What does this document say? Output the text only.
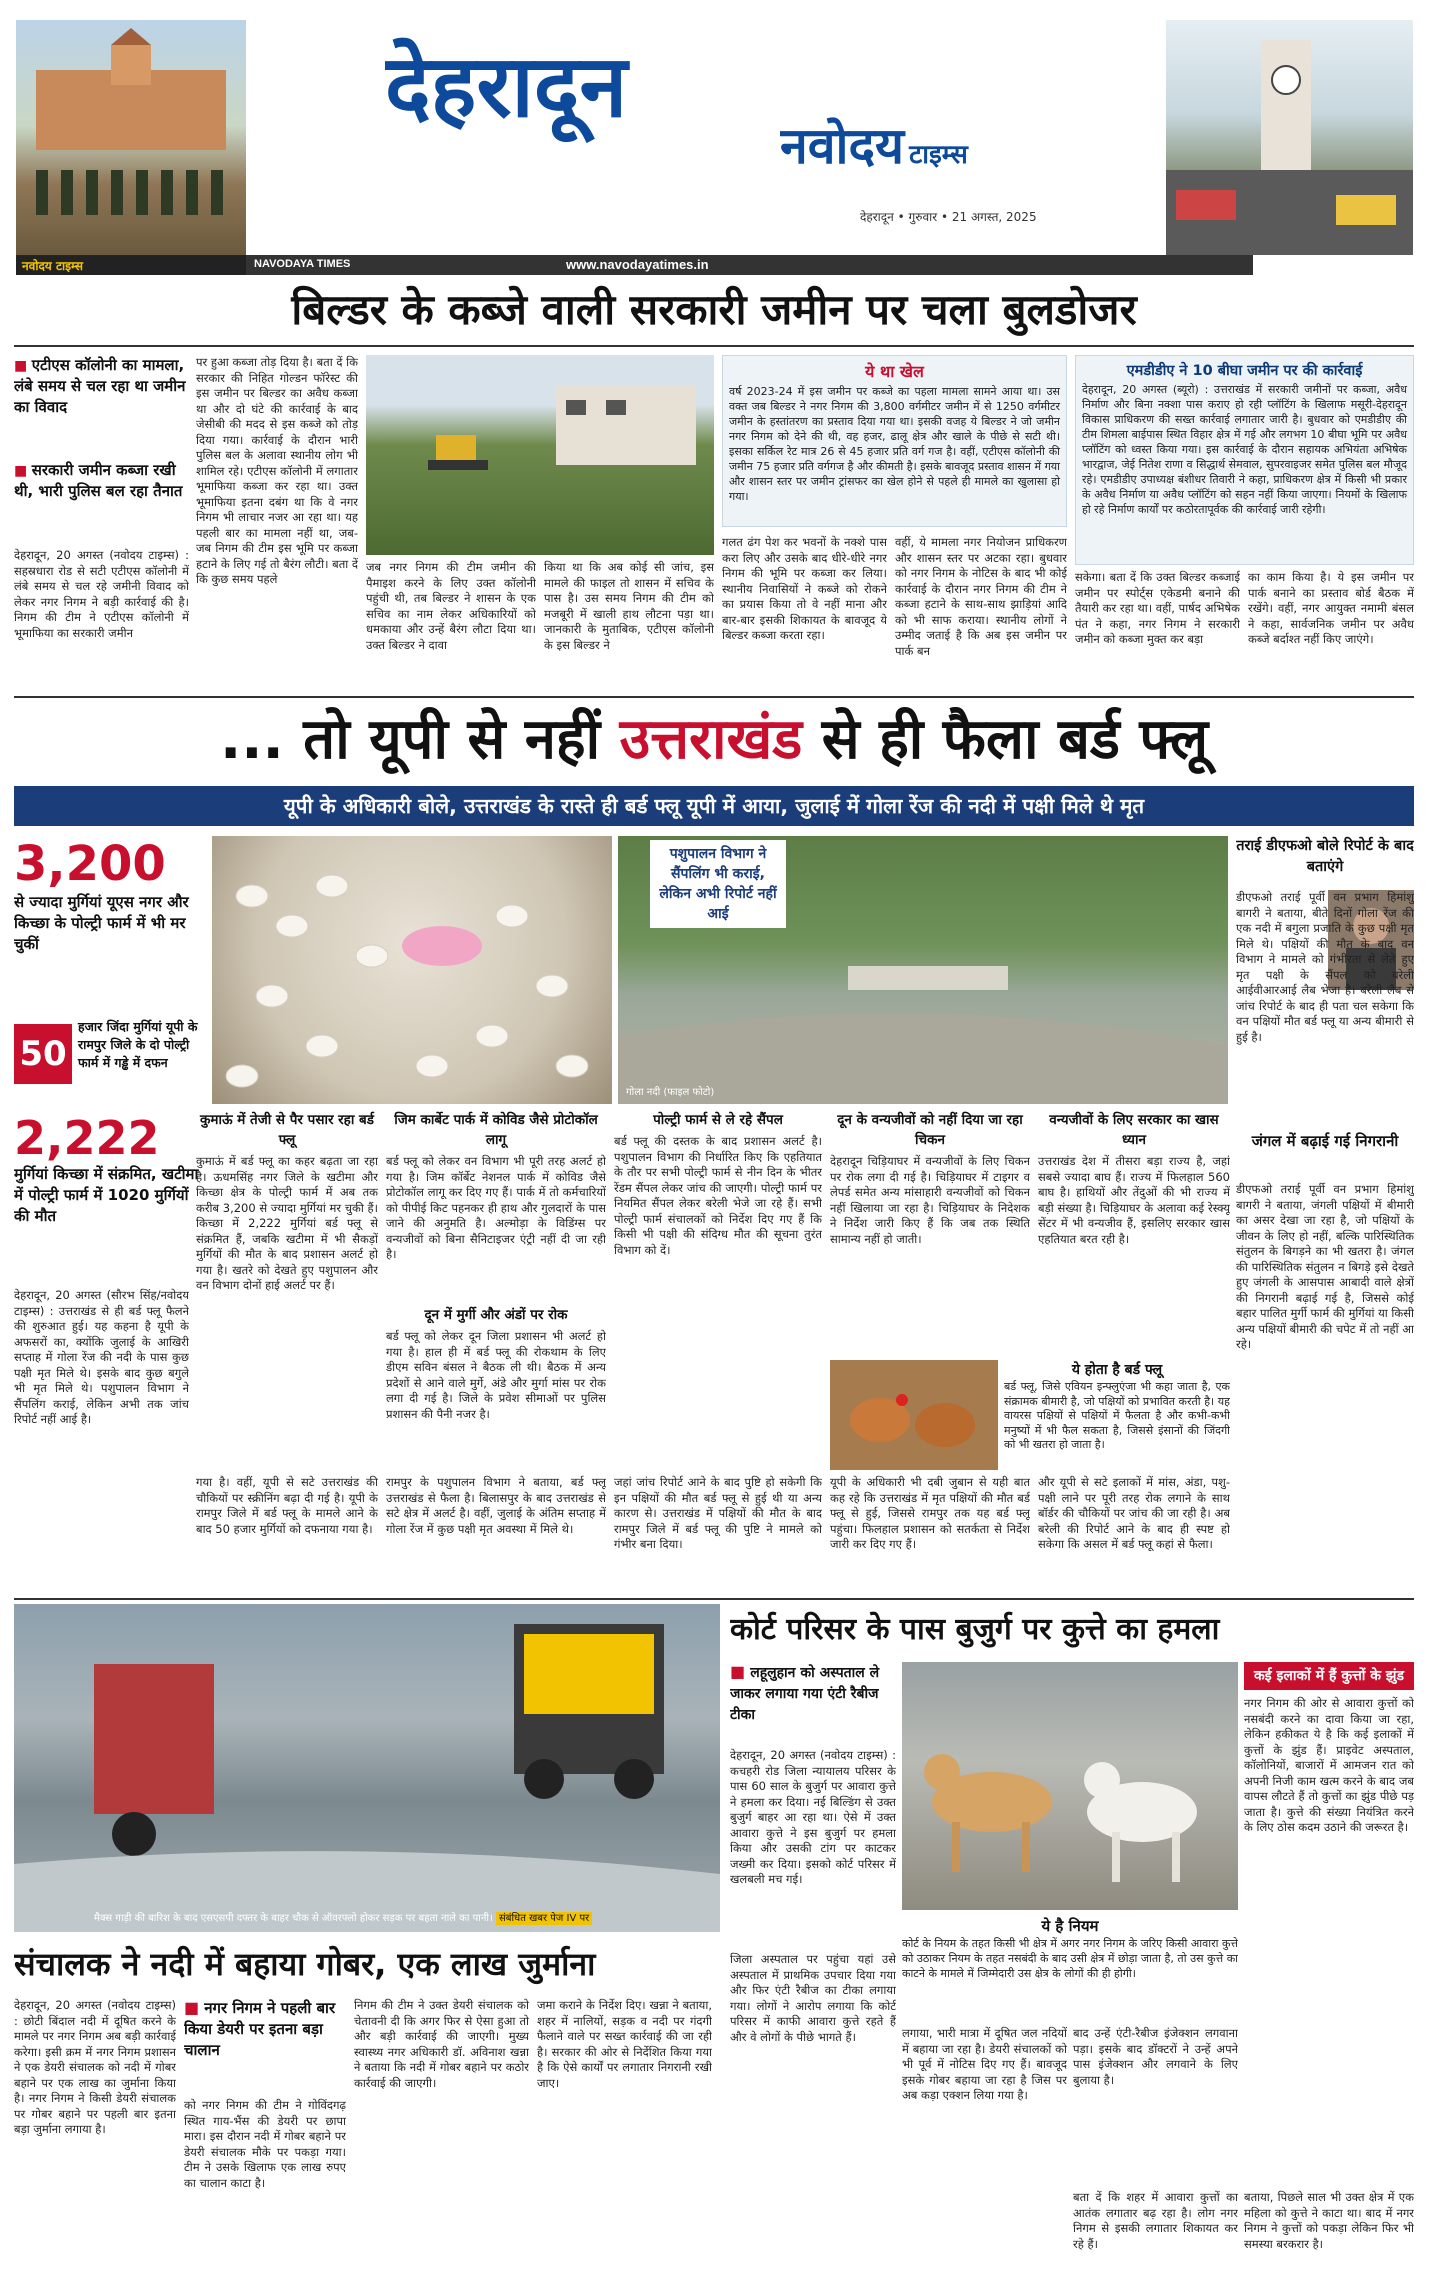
नवोदय टाइम्स	NAVODAYA TIMES	www.navodayatimes.in
देहरादून
नवोदय टाइम्स
देहरादून • गुरुवार • 21 अगस्त, 2025
बिल्डर के कब्जे वाली सरकारी जमीन पर चला बुलडोजर
■ एटीएस कॉलोनी का मामला, लंबे समय से चल रहा था जमीन का विवाद
■ सरकारी जमीन कब्जा रखी थी, भारी पुलिस बल रहा तैनात
देहरादून, 20 अगस्त (नवोदय टाइम्स) : सहस्रधारा रोड से सटी एटीएस कॉलोनी में लंबे समय से चल रहे जमीनी विवाद को लेकर नगर निगम ने बड़ी कार्रवाई की है। निगम की टीम ने एटीएस कॉलोनी में भूमाफिया का सरकारी जमीन
पर हुआ कब्जा तोड़ दिया है। बता दें कि सरकार की निहित गोल्डन फॉरेस्ट की इस जमीन पर बिल्डर का अवैध कब्जा था और दो घंटे की कार्रवाई के बाद जेसीबी की मदद से इस कब्जे को तोड़ दिया गया। कार्रवाई के दौरान भारी पुलिस बल के अलावा स्थानीय लोग भी शामिल रहे। एटीएस कॉलोनी में लगातार भूमाफिया कब्जा कर रहा था। उक्त भूमाफिया इतना दबंग था कि वे नगर निगम भी लाचार नजर आ रहा था। यह पहली बार का मामला नहीं था, जब-जब निगम की टीम इस भूमि पर कब्जा हटाने के लिए गई तो बैरंग लौटी। बता दें कि कुछ समय पहले
जब नगर निगम की टीम जमीन की पैमाइश करने के लिए उक्त कॉलोनी पहुंची थी, तब बिल्डर ने शासन के एक सचिव का नाम लेकर अधिकारियों को धमकाया और उन्हें बैरंग लौटा दिया था। उक्त बिल्डर ने दावा
किया था कि अब कोई सी जांच, इस मामले की फाइल तो शासन में सचिव के पास है। उस समय निगम की टीम को मजबूरी में खाली हाथ लौटना पड़ा था। जानकारी के मुताबिक, एटीएस कॉलोनी के इस बिल्डर ने
ये था खेल
वर्ष 2023-24 में इस जमीन पर कब्जे का पहला मामला सामने आया था। उस वक्त जब बिल्डर ने नगर निगम की 3,800 वर्गमीटर जमीन में से 1250 वर्गमीटर जमीन के हस्तांतरण का प्रस्ताव दिया गया था। इसकी वजह ये बिल्डर ने जो जमीन नगर निगम को देने की थी, वह हजर, ढालू क्षेत्र और खाले के पीछे से सटी थी। इसका सर्किल रेट मात्र 26 से 45 हजार प्रति वर्ग गज है। वहीं, एटीएस कॉलोनी की जमीन 75 हजार प्रति वर्गगज है और कीमती है। इसके बावजूद प्रस्ताव शासन में गया और शासन स्तर पर जमीन ट्रांसफर का खेल होने से पहले ही मामले का खुलासा हो गया।
गलत ढंग पेश कर भवनों के नक्शे पास करा लिए और उसके बाद धीरे-धीरे नगर निगम की भूमि पर कब्जा कर लिया। स्थानीय निवासियों ने कब्जे को रोकने का प्रयास किया तो वे नहीं माना और बार-बार इसकी शिकायत के बावजूद ये बिल्डर कब्जा करता रहा।
वहीं, ये मामला नगर नियोजन प्राधिकरण और शासन स्तर पर अटका रहा। बुधवार को नगर निगम के नोटिस के बाद भी कोई कार्रवाई के दौरान नगर निगम की टीम ने कब्जा हटाने के साथ-साथ झाड़ियां आदि को भी साफ कराया। स्थानीय लोगों ने उम्मीद जताई है कि अब इस जमीन पर पार्क बन
एमडीडीए ने 10 बीघा जमीन पर की कार्रवाई
देहरादून, 20 अगस्त (ब्यूरो) : उत्तराखंड में सरकारी जमीनों पर कब्जा, अवैध निर्माण और बिना नक्शा पास कराए हो रही प्लॉटिंग के खिलाफ मसूरी-देहरादून विकास प्राधिकरण की सख्त कार्रवाई लगातार जारी है। बुधवार को एमडीडीए की टीम शिमला बाईपास स्थित विहार क्षेत्र में गई और लगभग 10 बीघा भूमि पर अवैध प्लॉटिंग को ध्वस्त किया गया। इस कार्रवाई के दौरान सहायक अभियंता अभिषेक भारद्वाज, जेई नितेश राणा व सिद्धार्थ सेमवाल, सुपरवाइजर समेत पुलिस बल मौजूद रहे। एमडीडीए उपाध्यक्ष बंशीधर तिवारी ने कहा, प्राधिकरण क्षेत्र में किसी भी प्रकार के अवैध निर्माण या अवैध प्लॉटिंग को सहन नहीं किया जाएगा। नियमों के खिलाफ हो रहे निर्माण कार्यों पर कठोरतापूर्वक की कार्रवाई जारी रहेगी।
सकेगा। बता दें कि उक्त बिल्डर कब्जाई जमीन पर स्पोर्ट्स एकेडमी बनाने की तैयारी कर रहा था। वहीं, पार्षद अभिषेक पंत ने कहा, नगर निगम ने सरकारी जमीन को कब्जा मुक्त कर बड़ा
का काम किया है। ये इस जमीन पर पार्क बनाने का प्रस्ताव बोर्ड बैठक में रखेंगे। वहीं, नगर आयुक्त नमामी बंसल ने कहा, सार्वजनिक जमीन पर अवैध कब्जे बर्दाश्त नहीं किए जाएंगे।
... तो यूपी से नहीं उत्तराखंड से ही फैला बर्ड फ्लू
यूपी के अधिकारी बोले, उत्तराखंड के रास्ते ही बर्ड फ्लू यूपी में आया, जुलाई में गोला रेंज की नदी में पक्षी मिले थे मृत
3,200
से ज्यादा मुर्गियां यूएस नगर और किच्छा के पोल्ट्री फार्म में भी मर चुकीं
50
हजार जिंदा मुर्गियां यूपी के रामपुर जिले के दो पोल्ट्री फार्म में गड्ढे में दफन
2,222
मुर्गियां किच्छा में संक्रमित, खटीमा में पोल्ट्री फार्म में 1020 मुर्गियों की मौत
देहरादून, 20 अगस्त (सौरभ सिंह/नवोदय टाइम्स) : उत्तराखंड से ही बर्ड फ्लू फैलने की शुरुआत हुई। यह कहना है यूपी के अफसरों का, क्योंकि जुलाई के आखिरी सप्ताह में गोला रेंज की नदी के पास कुछ पक्षी मृत मिले थे। इसके बाद कुछ बगुले भी मृत मिले थे। पशुपालन विभाग ने सैंपलिंग कराई, लेकिन अभी तक जांच रिपोर्ट नहीं आई है।
पशुपालन विभाग ने सैंपलिंग भी कराई, लेकिन अभी रिपोर्ट नहीं आई
गोला नदी (फाइल फोटो)
तराई डीएफओ बोले रिपोर्ट के बाद बताएंगे
डीएफओ तराई पूर्वी वन प्रभाग हिमांशु बागरी ने बताया, बीते दिनों गोला रेंज की एक नदी में बगुला प्रजाति के कुछ पक्षी मृत मिले थे। पक्षियों की मौत के बाद वन विभाग ने मामले को गंभीरता से लेते हुए मृत पक्षी के सैंपल को बरेली आईवीआरआई लैब भेजा है। बरेली लैब से जांच रिपोर्ट के बाद ही पता चल सकेगा कि वन पक्षियों मौत बर्ड फ्लू या अन्य बीमारी से हुई है।
जंगल में बढ़ाई गई निगरानी
डीएफओ तराई पूर्वी वन प्रभाग हिमांशु बागरी ने बताया, जंगली पक्षियों में बीमारी का असर देखा जा रहा है, जो पक्षियों के जीवन के लिए हो नहीं, बल्कि पारिस्थितिक संतुलन के बिगड़ने का भी खतरा है। जंगल की पारिस्थितिक संतुलन न बिगड़े इसे देखते हुए जंगली के आसपास आबादी वाले क्षेत्रों की निगरानी बढ़ाई गई है, जिससे कोई बहार पालित मुर्गी फार्म की मुर्गियां या किसी अन्य पक्षियों बीमारी की चपेट में तो नहीं आ रहे।
कुमाऊं में तेजी से पैर पसार रहा बर्ड फ्लू
कुमाऊं में बर्ड फ्लू का कहर बढ़ता जा रहा है। ऊधमसिंह नगर जिले के खटीमा और किच्छा क्षेत्र के पोल्ट्री फार्म में अब तक करीब 3,200 से ज्यादा मुर्गियां मर चुकी हैं। किच्छा में 2,222 मुर्गियां बर्ड फ्लू से संक्रमित हैं, जबकि खटीमा में भी सैकड़ों मुर्गियों की मौत के बाद प्रशासन अलर्ट हो गया है। खतरे को देखते हुए पशुपालन और वन विभाग दोनों हाई अलर्ट पर हैं।
जिम कार्बेट पार्क में कोविड जैसे प्रोटोकॉल लागू
बर्ड फ्लू को लेकर वन विभाग भी पूरी तरह अलर्ट हो गया है। जिम कॉर्बेट नेशनल पार्क में कोविड जैसे प्रोटोकॉल लागू कर दिए गए हैं। पार्क में तो कर्मचारियों को पीपीई किट पहनकर ही हाथ और गुलदारों के पास जाने की अनुमति है। अल्मोड़ा के विडिंग्स पर वन्यजीवों को बिना सैनिटाइजर एंट्री नहीं दी जा रही है।
दून में मुर्गी और अंडों पर रोक
बर्ड फ्लू को लेकर दून जिला प्रशासन भी अलर्ट हो गया है। हाल ही में बर्ड फ्लू की रोकथाम के लिए डीएम सविन बंसल ने बैठक ली थी। बैठक में अन्य प्रदेशों से आने वाले मुर्गे, अंडे और मुर्गा मांस पर रोक लगा दी गई है। जिले के प्रवेश सीमाओं पर पुलिस प्रशासन की पैनी नजर है।
पोल्ट्री फार्म से ले रहे सैंपल
बर्ड फ्लू की दस्तक के बाद प्रशासन अलर्ट है। पशुपालन विभाग की निर्धारित किए कि एहतियात के तौर पर सभी पोल्ट्री फार्म से नीन दिन के भीतर रेंडम सैंपल लेकर जांच की जाएगी। पोल्ट्री फार्म पर नियमित सैंपल लेकर बरेली भेजे जा रहे हैं। सभी पोल्ट्री फार्म संचालकों को निर्देश दिए गए हैं कि किसी भी पक्षी की संदिग्ध मौत की सूचना तुरंत विभाग को दें।
दून के वन्यजीवों को नहीं दिया जा रहा चिकन
देहरादून चिड़ियाघर में वन्यजीवों के लिए चिकन पर रोक लगा दी गई है। चिड़ियाघर में टाइगर व लेपर्ड समेत अन्य मांसाहारी वन्यजीवों को चिकन नहीं खिलाया जा रहा है। चिड़ियाघर के निदेशक ने निर्देश जारी किए हैं कि जब तक स्थिति सामान्य नहीं हो जाती।
वन्यजीवों के लिए सरकार का खास ध्यान
उत्तराखंड देश में तीसरा बड़ा राज्य है, जहां सबसे ज्यादा बाघ हैं। राज्य में फिलहाल 560 बाघ है। हाथियों और तेंदुओं की भी राज्य में बड़ी संख्या है। चिड़ियाघर के अलावा कई रेस्क्यू सेंटर में भी वन्यजीव हैं, इसलिए सरकार खास एहतियात बरत रही है।
ये होता है बर्ड फ्लू
बर्ड फ्लू, जिसे एवियन इन्फ्लुएंजा भी कहा जाता है, एक संक्रामक बीमारी है, जो पक्षियों को प्रभावित करती है। यह वायरस पक्षियों से पक्षियों में फैलता है और कभी-कभी मनुष्यों में भी फैल सकता है, जिससे इंसानों की जिंदगी को भी खतरा हो जाता है।
गया है। वहीं, यूपी से सटे उत्तराखंड की चौकियों पर स्क्रीनिंग बढ़ा दी गई है। यूपी के रामपुर जिले में बर्ड फ्लू के मामले आने के बाद 50 हजार मुर्गियों को दफनाया गया है।
रामपुर के पशुपालन विभाग ने बताया, बर्ड फ्लू उत्तराखंड से फैला है। बिलासपुर के बाद उत्तराखंड से सटे क्षेत्र में अलर्ट है। वहीं, जुलाई के अंतिम सप्ताह में गोला रेंज में कुछ पक्षी मृत अवस्था में मिले थे।
जहां जांच रिपोर्ट आने के बाद पुष्टि हो सकेगी कि इन पक्षियों की मौत बर्ड फ्लू से हुई थी या अन्य कारण से। उत्तराखंड में पक्षियों की मौत के बाद रामपुर जिले में बर्ड फ्लू की पुष्टि ने मामले को गंभीर बना दिया।
यूपी के अधिकारी भी दबी जुबान से यही बात कह रहे कि उत्तराखंड में मृत पक्षियों की मौत बर्ड फ्लू से हुई, जिससे रामपुर तक यह बर्ड फ्लू पहुंचा। फिलहाल प्रशासन को सतर्कता से निर्देश जारी कर दिए गए हैं।
और यूपी से सटे इलाकों में मांस, अंडा, पशु-पक्षी लाने पर पूरी तरह रोक लगाने के साथ बॉर्डर की चौकियों पर जांच की जा रही है। अब बरेली की रिपोर्ट आने के बाद ही स्पष्ट हो सकेगा कि असल में बर्ड फ्लू कहां से फैला।
मैक्स गाड़ी की बारिश के बाद एसएसपी दफ्तर के बाहर चौक से ऑवरफ्लो होकर सड़क पर बहता नाले का पानी। संबंधित खबर पेज IV पर
संचालक ने नदी में बहाया गोबर, एक लाख जुर्माना
देहरादून, 20 अगस्त (नवोदय टाइम्स) : छोटी बिंदाल नदी में दूषित करने के मामले पर नगर निगम अब बड़ी कार्रवाई करेगा। इसी क्रम में नगर निगम प्रशासन ने एक डेयरी संचालक को नदी में गोबर बहाने पर एक लाख का जुर्माना किया है। नगर निगम ने किसी डेयरी संचालक पर गोबर बहाने पर पहली बार इतना बड़ा जुर्माना लगाया है।
■ नगर निगम ने पहली बार किया डेयरी पर इतना बड़ा चालान
को नगर निगम की टीम ने गोविंदगढ़ स्थित गाय-भैंस की डेयरी पर छापा मारा। इस दौरान नदी में गोबर बहाने पर डेयरी संचालक मौके पर पकड़ा गया। टीम ने उसके खिलाफ एक लाख रुपए का चालान काटा है।
निगम की टीम ने उक्त डेयरी संचालक को चेतावनी दी कि अगर फिर से ऐसा हुआ तो और बड़ी कार्रवाई की जाएगी। मुख्य स्वास्थ्य नगर अधिकारी डॉ. अविनाश खन्ना ने बताया कि नदी में गोबर बहाने पर कठोर कार्रवाई की जाएगी।
जमा कराने के निर्देश दिए। खन्ना ने बताया, शहर में नालियों, सड़क व नदी पर गंदगी फैलाने वाले पर सख्त कार्रवाई की जा रही है। सरकार की ओर से निर्देशित किया गया है कि ऐसे कार्यों पर लगातार निगरानी रखी जाए।
कोर्ट परिसर के पास बुजुर्ग पर कुत्ते का हमला
■ लहूलुहान को अस्पताल ले जाकर लगाया गया एंटी रैबीज टीका
देहरादून, 20 अगस्त (नवोदय टाइम्स) : कचहरी रोड जिला न्यायालय परिसर के पास 60 साल के बुजुर्ग पर आवारा कुत्ते ने हमला कर दिया। नई बिल्डिंग से उक्त बुजुर्ग बाहर आ रहा था। ऐसे में उक्त आवारा कुत्ते ने इस बुजुर्ग पर हमला किया और उसकी टांग पर काटकर जख्मी कर दिया। इसको कोर्ट परिसर में खलबली मच गई।
कई इलाकों में हैं कुत्तों के झुंड
नगर निगम की ओर से आवारा कुत्तों को नसबंदी करने का दावा किया जा रहा, लेकिन हकीकत ये है कि कई इलाकों में कुत्तों के झुंड हैं। प्राइवेट अस्पताल, कॉलोनियों, बाजारों में आमजन रात को अपनी निजी काम खत्म करने के बाद जब वापस लौटते हैं तो कुत्तों का झुंड पीछे पड़ जाता है। कुत्ते की संख्या नियंत्रित करने के लिए ठोस कदम उठाने की जरूरत है।
जिला अस्पताल पर पहुंचा यहां उसे अस्पताल में प्राथमिक उपचार दिया गया और फिर एंटी रैबीज का टीका लगाया गया। लोगों ने आरोप लगाया कि कोर्ट परिसर में काफी आवारा कुत्ते रहते हैं और वे लोगों के पीछे भागते हैं।
ये है नियम
कोर्ट के नियम के तहत किसी भी क्षेत्र में अगर नगर निगम के जरिए किसी आवारा कुत्ते को उठाकर नियम के तहत नसबंदी के बाद उसी क्षेत्र में छोड़ा जाता है, तो उस कुत्ते का काटने के मामले में जिम्मेदारी उस क्षेत्र के लोगों की ही होगी।
लगाया, भारी मात्रा में दूषित जल नदियों में बहाया जा रहा है। डेयरी संचालकों को भी पूर्व में नोटिस दिए गए हैं। बावजूद इसके गोबर बहाया जा रहा है जिस पर अब कड़ा एक्शन लिया गया है।
बाद उन्हें एंटी-रैबीज इंजेक्शन लगवाना पड़ा। इसके बाद डॉक्टरों ने उन्हें अपने पास इंजेक्शन और लगवाने के लिए बुलाया है।
बता दें कि शहर में आवारा कुत्तों का आतंक लगातार बढ़ रहा है। लोग नगर निगम से इसकी लगातार शिकायत कर रहे हैं।
बताया, पिछले साल भी उक्त क्षेत्र में एक महिला को कुत्ते ने काटा था। बाद में नगर निगम ने कुत्तों को पकड़ा लेकिन फिर भी समस्या बरकरार है।
